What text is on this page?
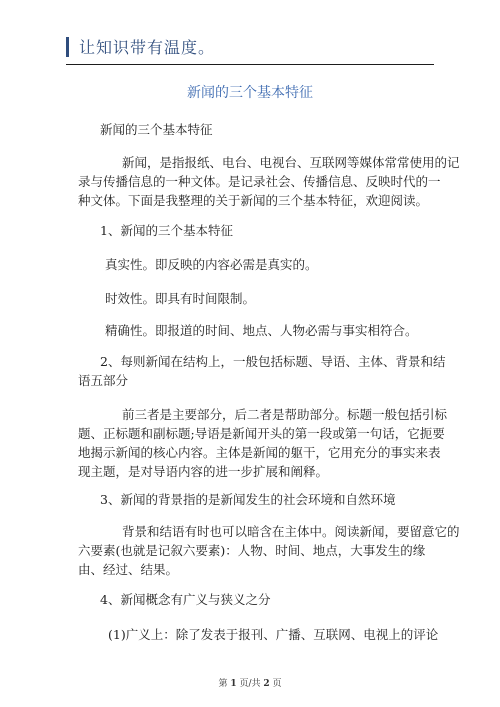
让知识带有温度。
新闻的三个基本特征
新闻的三个基本特征
新闻，是指报纸、电台、电视台、互联网等媒体常常使用的记
录与传播信息的一种文体。是记录社会、传播信息、反映时代的一
种文体。下面是我整理的关于新闻的三个基本特征，欢迎阅读。
1、新闻的三个基本特征
真实性。即反映的内容必需是真实的。
时效性。即具有时间限制。
精确性。即报道的时间、地点、人物必需与事实相符合。
2、每则新闻在结构上，一般包括标题、导语、主体、背景和结
语五部分
前三者是主要部分，后二者是帮助部分。标题一般包括引标
题、正标题和副标题;导语是新闻开头的第一段或第一句话，它扼要
地揭示新闻的核心内容。主体是新闻的躯干，它用充分的事实来表
现主题，是对导语内容的进一步扩展和阐释。
3、新闻的背景指的是新闻发生的社会环境和自然环境
背景和结语有时也可以暗含在主体中。阅读新闻，要留意它的
六要素(也就是记叙六要素)：人物、时间、地点，大事发生的缘
由、经过、结果。
4、新闻概念有广义与狭义之分
(1)广义上：除了发表于报刊、广播、互联网、电视上的评论
第 1 页/共 2 页
